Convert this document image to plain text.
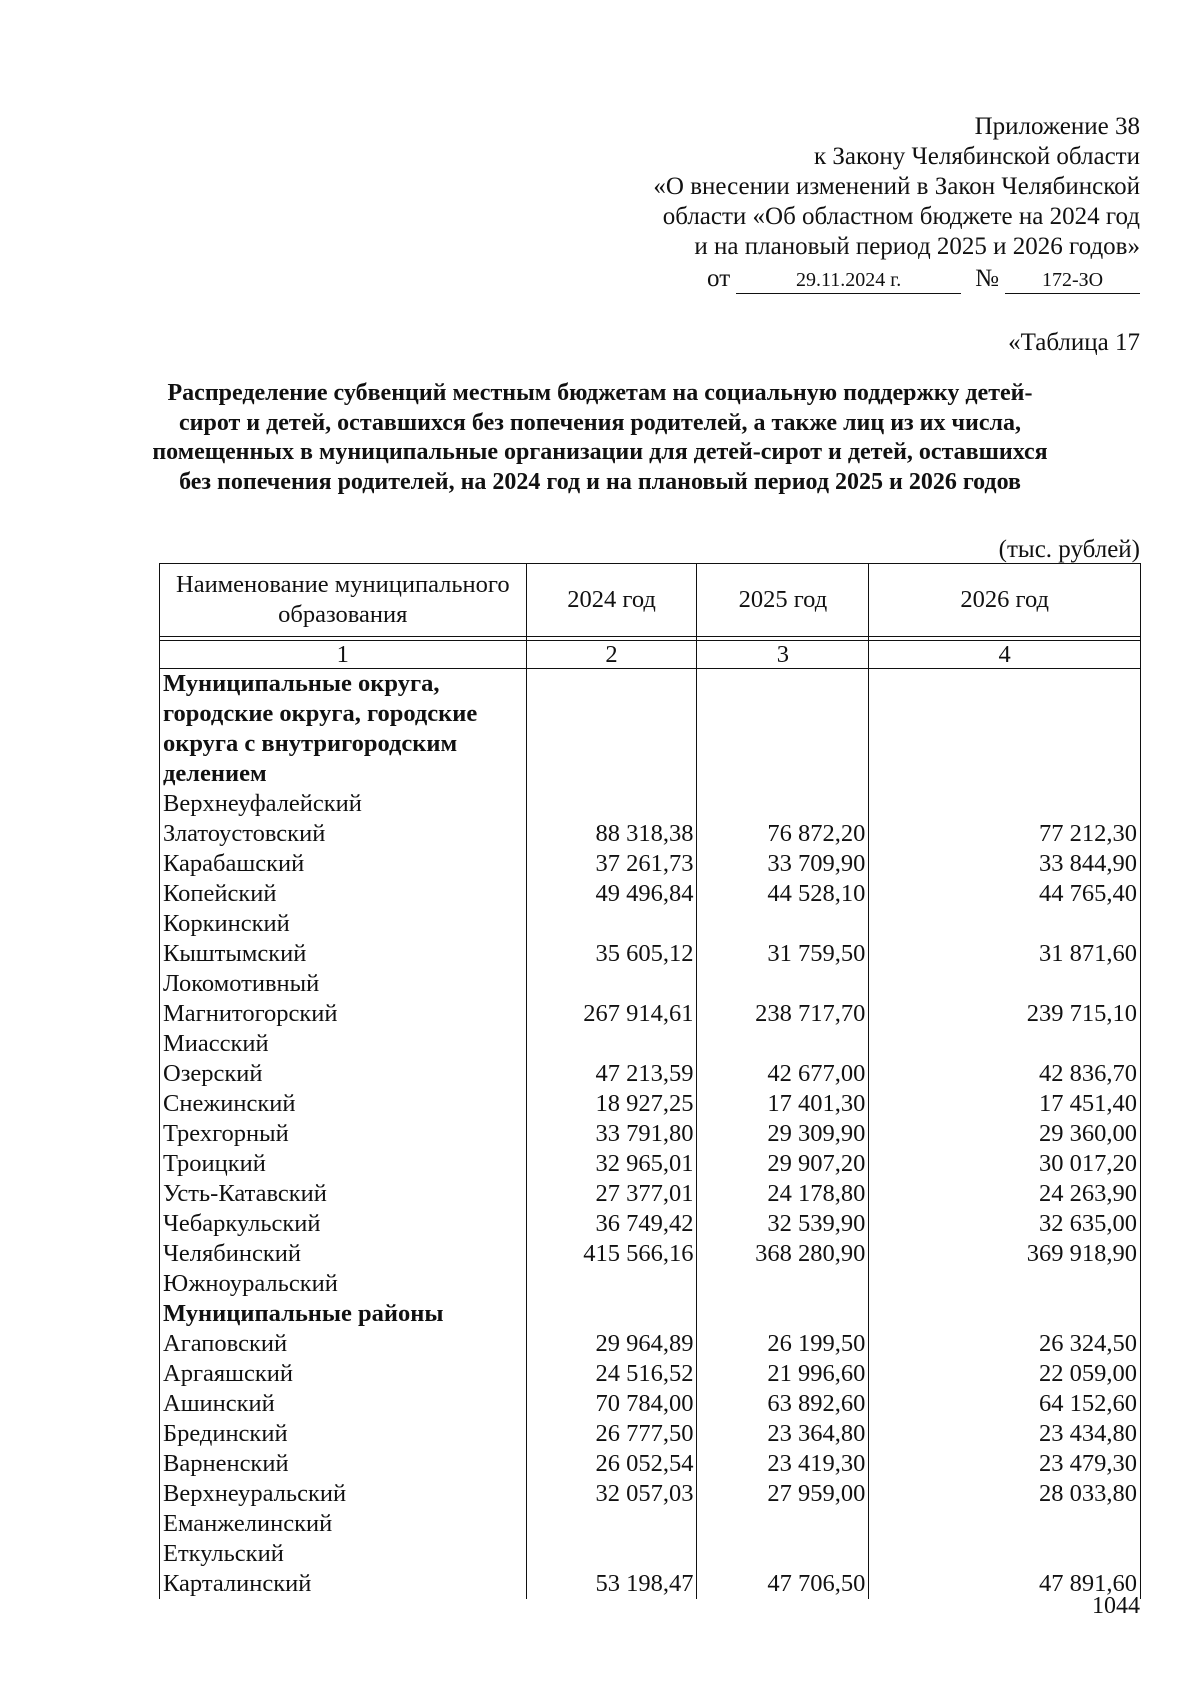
Приложение 38
к Закону Челябинской области
«О внесении изменений в Закон Челябинской
области «Об областном бюджете на 2024 год
и на плановый период 2025 и 2026 годов»
от	29.11.2024 г.	№	172-ЗО
«Таблица 17
Распределение субвенций местным бюджетам на социальную поддержку детей-сирот и детей, оставшихся без попечения родителей, а также лиц из их числа, помещенных в муниципальные организации для детей-сирот и детей, оставшихся без попечения родителей, на 2024 год и на плановый период 2025 и 2026 годов
(тыс. рублей)
Наименование муниципального образования	2024 год	2025 год	2026 год

1	2	3	4
Муниципальные округа, городские округа, городские округа с внутригородским делением			
Верхнеуфалейский			
Златоустовский	88 318,38	76 872,20	77 212,30
Карабашский	37 261,73	33 709,90	33 844,90
Копейский	49 496,84	44 528,10	44 765,40
Коркинский			
Кыштымский	35 605,12	31 759,50	31 871,60
Локомотивный			
Магнитогорский	267 914,61	238 717,70	239 715,10
Миасский			
Озерский	47 213,59	42 677,00	42 836,70
Снежинский	18 927,25	17 401,30	17 451,40
Трехгорный	33 791,80	29 309,90	29 360,00
Троицкий	32 965,01	29 907,20	30 017,20
Усть-Катавский	27 377,01	24 178,80	24 263,90
Чебаркульский	36 749,42	32 539,90	32 635,00
Челябинский	415 566,16	368 280,90	369 918,90
Южноуральский			
Муниципальные районы			
Агаповский	29 964,89	26 199,50	26 324,50
Аргаяшский	24 516,52	21 996,60	22 059,00
Ашинский	70 784,00	63 892,60	64 152,60
Брединский	26 777,50	23 364,80	23 434,80
Варненский	26 052,54	23 419,30	23 479,30
Верхнеуральский	32 057,03	27 959,00	28 033,80
Еманжелинский			
Еткульский			
Карталинский	53 198,47	47 706,50	47 891,60
1044
